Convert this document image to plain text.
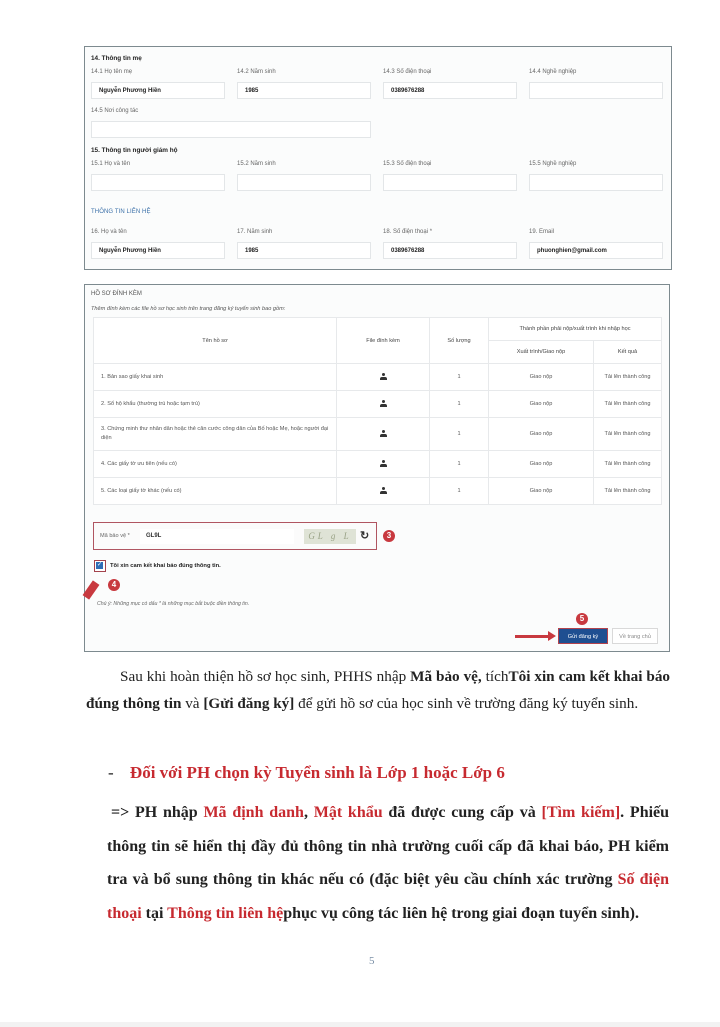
14. Thông tin mẹ
14.1 Họ tên mẹ	14.2 Năm sinh	14.3 Số điện thoại	14.4 Nghề nghiệp
Nguyễn Phương Hiền	1985	0389676288
14.5 Nơi công tác
15. Thông tin người giám hộ
15.1 Họ và tên	15.2 Năm sinh	15.3 Số điện thoại	15.5 Nghề nghiệp
THÔNG TIN LIÊN HỆ
16. Họ và tên	17. Năm sinh	18. Số điện thoại *	19. Email
Nguyễn Phương Hiền	1985	0389676288	phuonghien@gmail.com
HỒ SƠ ĐÍNH KÈM
Thêm đính kèm các file hồ sơ học sinh trên trang đăng ký tuyển sinh bao gồm:
Tên hồ sơ	File đính kèm	Số lượng	Thành phần phải nộp/xuất trình khi nhập học	
			Xuất trình/Giao nộp	Kết quả
1. Bản sao giấy khai sinh		1	Giao nộp	Tải lên thành công
2. Sổ hộ khẩu (thường trú hoặc tạm trú)		1	Giao nộp	Tải lên thành công
3. Chứng minh thư nhân dân hoặc thẻ căn cước công dân của Bố hoặc Mẹ, hoặc người đại diện		1	Giao nộp	Tải lên thành công
4. Các giấy tờ ưu tiên (nếu có)		1	Giao nộp	Tải lên thành công
5. Các loại giấy tờ khác (nếu có)		1	Giao nộp	Tải lên thành công
Mã bảo vệ *	GL9L	GL g L ↻	3
✓ Tôi xin cam kết khai báo đúng thông tin.
4
Chú ý: Những mục có dấu * là những mục bắt buộc điền thông tin.
5
Gửi đăng ký	Về trang chủ
Sau khi hoàn thiện hồ sơ học sinh, PHHS nhập Mã bảo vệ, tíchTôi xin cam kết khai báo đúng thông tin và [Gửi đăng ký] để gửi hồ sơ của học sinh về trường đăng ký tuyển sinh.
- Đối với PH chọn kỳ Tuyển sinh là Lớp 1 hoặc Lớp 6
=> PH nhập Mã định danh, Mật khẩu đã được cung cấp và [Tìm kiếm]. Phiếu thông tin sẽ hiển thị đầy đủ thông tin nhà trường cuối cấp đã khai báo, PH kiểm tra và bổ sung thông tin khác nếu có (đặc biệt yêu cầu chính xác trường Số điện thoại tại Thông tin liên hệphục vụ công tác liên hệ trong giai đoạn tuyển sinh).
5
